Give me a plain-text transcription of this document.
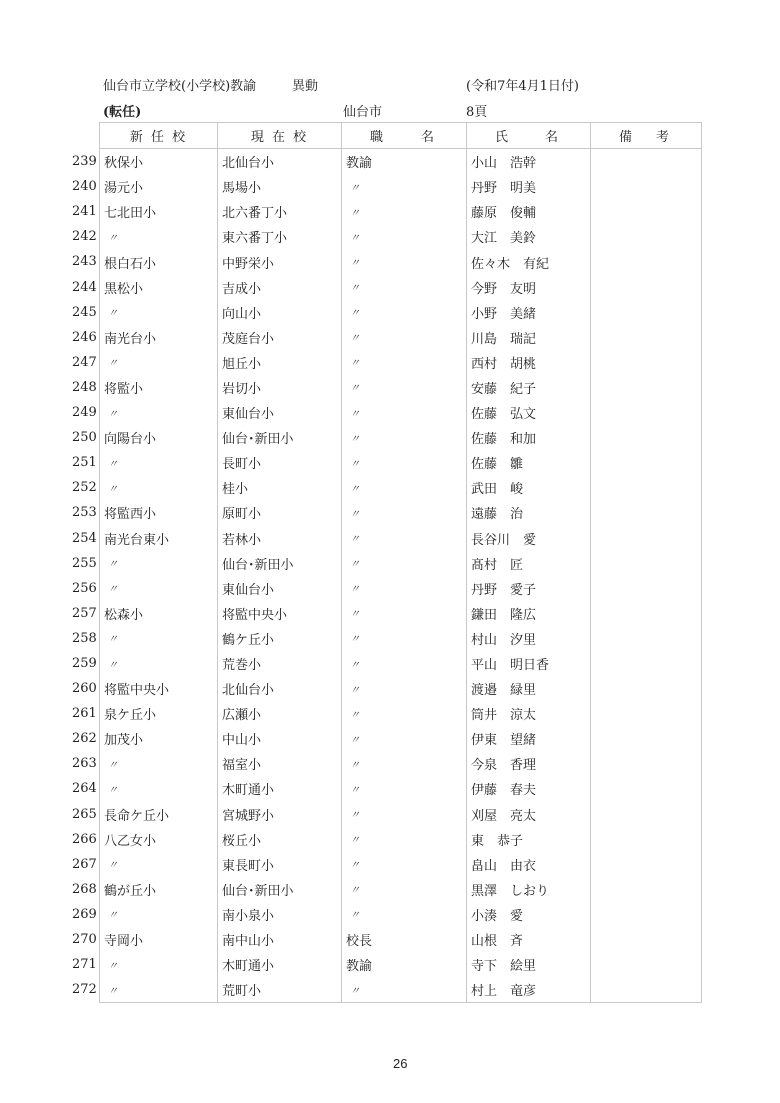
仙台市立学校(小学校)教諭	異動	(令和7年4月1日付)
(転任)	仙台市	8頁
新 任 校	現 在 校	職 名	氏 名	備 考

239 秋保小	北仙台小	教諭	小山　浩幹	

240 湯元小	馬場小	〃	丹野　明美	

241 七北田小	北六番丁小	〃	藤原　俊輔	

242 〃	東六番丁小	〃	大江　美鈴	

243 根白石小	中野栄小	〃	佐々木　有紀	

244 黒松小	吉成小	〃	今野　友明	

245 〃	向山小	〃	小野　美緒	

246 南光台小	茂庭台小	〃	川島　瑞記	

247 〃	旭丘小	〃	西村　胡桃	

248 将監小	岩切小	〃	安藤　紀子	

249 〃	東仙台小	〃	佐藤　弘文	

250 向陽台小	仙台･新田小	〃	佐藤　和加	

251 〃	長町小	〃	佐藤　雛	

252 〃	桂小	〃	武田　峻	

253 将監西小	原町小	〃	遠藤　治	

254 南光台東小	若林小	〃	長谷川　愛	

255 〃	仙台･新田小	〃	髙村　匠	

256 〃	東仙台小	〃	丹野　愛子	

257 松森小	将監中央小	〃	鎌田　隆広	

258 〃	鶴ケ丘小	〃	村山　汐里	

259 〃	荒巻小	〃	平山　明日香	

260 将監中央小	北仙台小	〃	渡邉　緑里	

261 泉ケ丘小	広瀬小	〃	筒井　涼太	

262 加茂小	中山小	〃	伊東　望緒	

263 〃	福室小	〃	今泉　香理	

264 〃	木町通小	〃	伊藤　春夫	

265 長命ケ丘小	宮城野小	〃	刈屋　亮太	

266 八乙女小	桜丘小	〃	東　恭子	

267 〃	東長町小	〃	畠山　由衣	

268 鶴が丘小	仙台･新田小	〃	黒澤　しおり	

269 〃	南小泉小	〃	小湊　愛	

270 寺岡小	南中山小	校長	山根　斉	

271 〃	木町通小	教諭	寺下　絵里	

272 〃	荒町小	〃	村上　竜彦	
26
